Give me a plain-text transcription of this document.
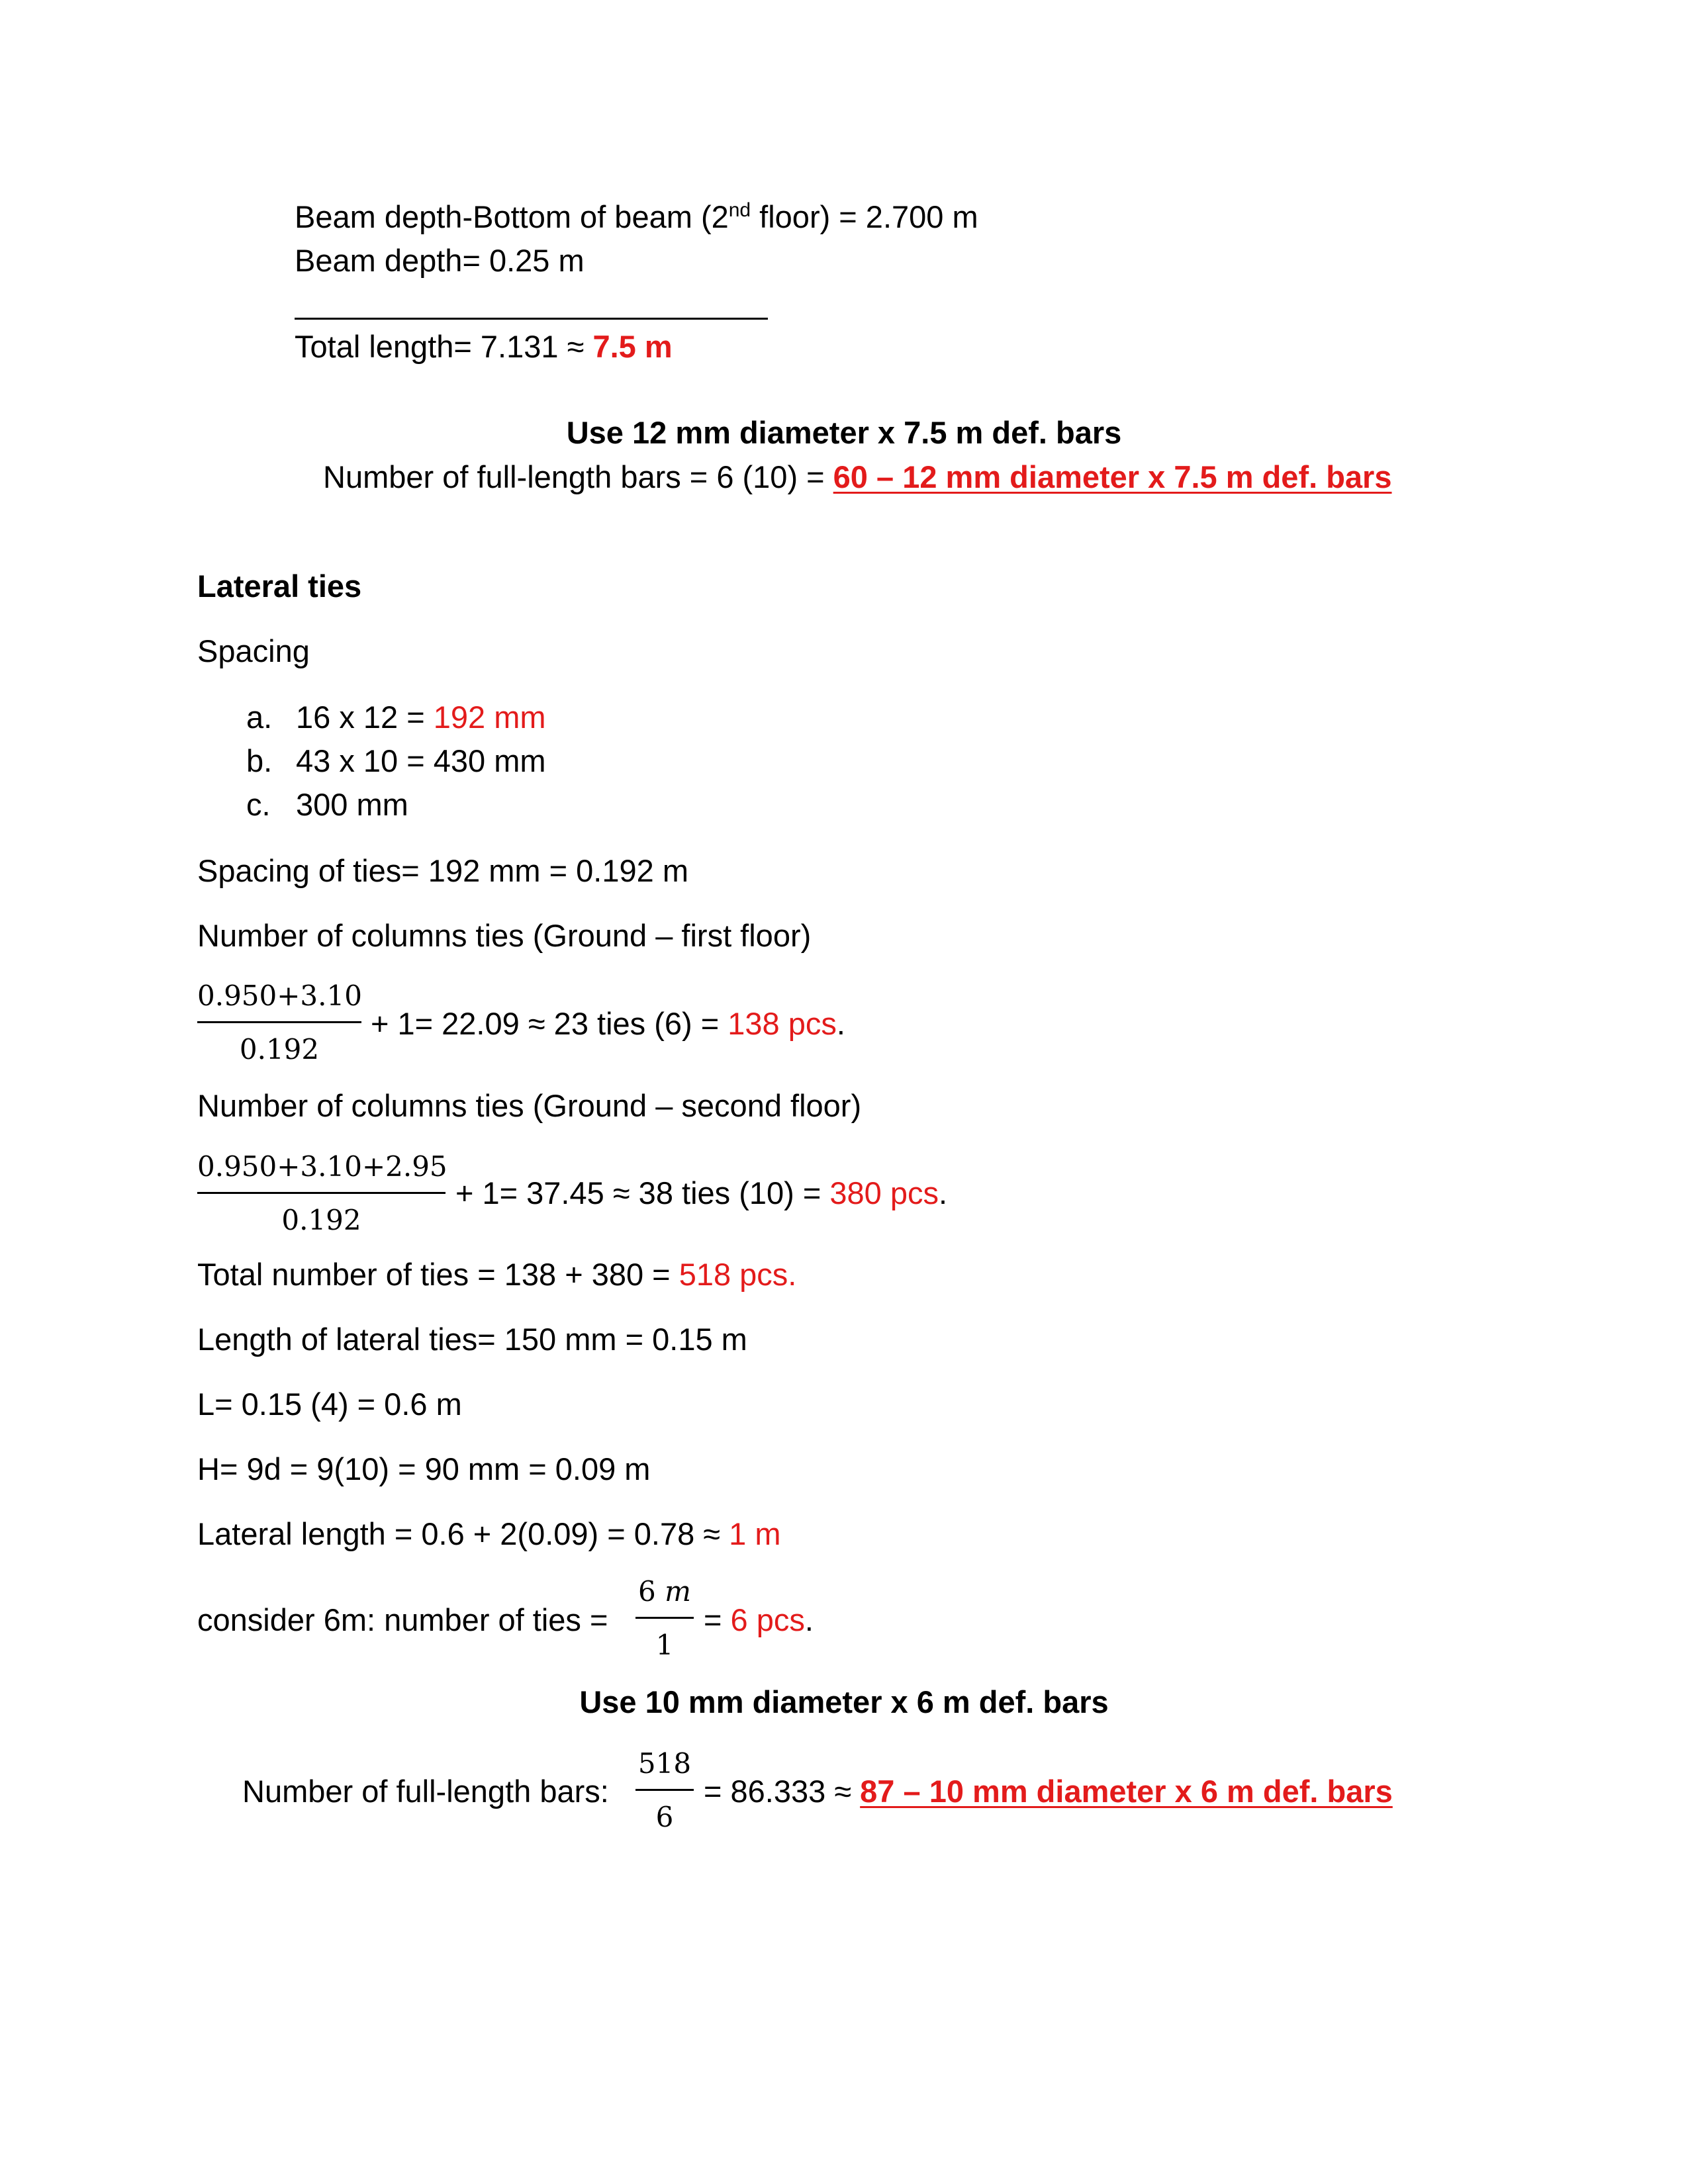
Beam depth-Bottom of beam (2nd floor) = 2.700 m
Beam depth= 0.25 m
Total length= 7.131 ≈ 7.5 m
Use 12 mm diameter x 7.5 m def. bars
Number of full-length bars = 6 (10) = 60 – 12 mm diameter x 7.5 m def. bars
Lateral ties
Spacing
a. 16 x 12 = 192 mm
b. 43 x 10 = 430 mm
c. 300 mm
Spacing of ties= 192 mm = 0.192 m
Number of columns ties (Ground – first floor)
0.950+3.10
0.192
+ 1= 22.09 ≈ 23 ties (6) = 138 pcs.
Number of columns ties (Ground – second floor)
0.950+3.10+2.95
0.192
+ 1= 37.45 ≈ 38 ties (10) = 380 pcs.
Total number of ties = 138 + 380 = 518 pcs.
Length of lateral ties= 150 mm = 0.15 m
L= 0.15 (4) = 0.6 m
H= 9d = 9(10) = 90 mm = 0.09 m
Lateral length = 0.6 + 2(0.09) = 0.78 ≈ 1 m
consider 6m: number of ties =
6 m
1
= 6 pcs.
Use 10 mm diameter x 6 m def. bars
Number of full-length bars:
518
6
= 86.333 ≈ 87 – 10 mm diameter x 6 m def. bars
